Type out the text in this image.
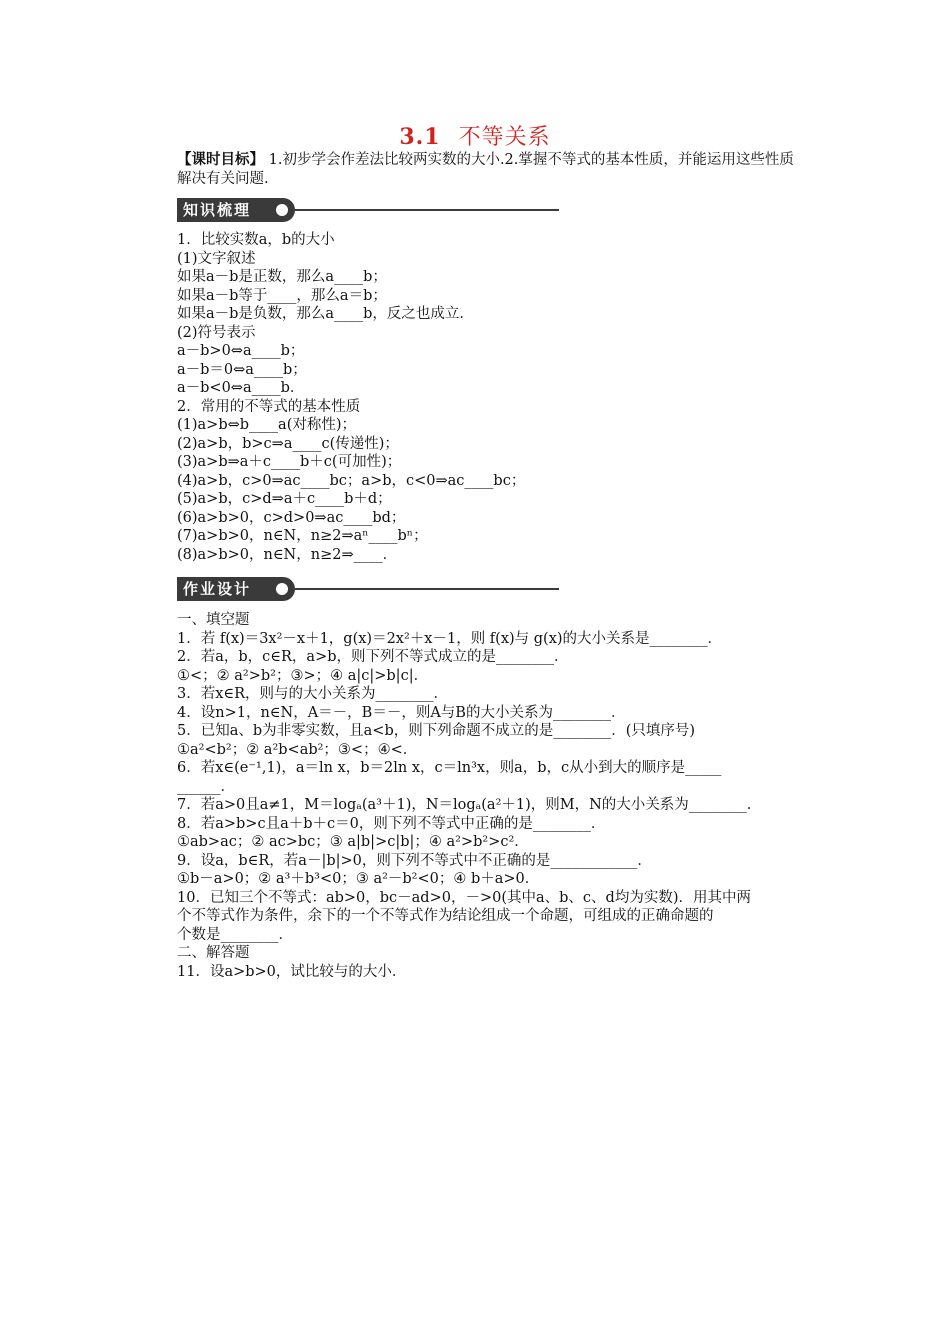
3.1 不等关系
【课时目标】 1.初步学会作差法比较两实数的大小.2.掌握不等式的基本性质，并能运用这些性质解决有关问题.
知识梳理
1．比较实数a，b的大小
(1)文字叙述
如果a－b是正数，那么a____b；
如果a－b等于____，那么a＝b；
如果a－b是负数，那么a____b，反之也成立．
(2)符号表示
a－b>0⇔a____b；
a－b＝0⇔a____b；
a－b<0⇔a____b．
2．常用的不等式的基本性质
(1)a>b⇔b____a(对称性)；
(2)a>b，b>c⇒a____c(传递性)；
(3)a>b⇒a＋c____b＋c(可加性)；
(4)a>b，c>0⇒ac____bc；a>b，c<0⇒ac____bc；
(5)a>b，c>d⇒a＋c____b＋d；
(6)a>b>0，c>d>0⇒ac____bd；
(7)a>b>0，n∈N，n≥2⇒aⁿ____bⁿ；
(8)a>b>0，n∈N，n≥2⇒____．
作业设计
一、填空题
1．若 f(x)＝3x²－x＋1，g(x)＝2x²＋x－1，则 f(x)与 g(x)的大小关系是________．
2．若a，b，c∈R，a>b，则下列不等式成立的是________．
①<；② a²>b²；③>；④ a|c|>b|c|．
3．若x∈R，则与的大小关系为________．
4．设n>1，n∈N，A＝－，B＝－，则A与B的大小关系为________．
5．已知a、b为非零实数，且a<b，则下列命题不成立的是________．(只填序号)
①a²<b²；② a²b<ab²；③<；④<．
6．若x∈(e⁻¹,1)，a＝ln x，b＝2ln x，c＝ln³x，则a，b，c从小到大的顺序是_____
______．
7．若a>0且a≠1，M＝logₐ(a³＋1)，N＝logₐ(a²＋1)，则M，N的大小关系为________．
8．若a>b>c且a＋b＋c＝0，则下列不等式中正确的是________．
①ab>ac；② ac>bc；③ a|b|>c|b|；④ a²>b²>c²．
9．设a，b∈R，若a－|b|>0，则下列不等式中不正确的是____________．
①b－a>0；② a³＋b³<0；③ a²－b²<0；④ b＋a>0．
10．已知三个不等式：ab>0，bc－ad>0，－>0(其中a、b、c、d均为实数)．用其中两
个不等式作为条件，余下的一个不等式作为结论组成一个命题，可组成的正确命题的
个数是________．
二、解答题
11．设a>b>0，试比较与的大小．
